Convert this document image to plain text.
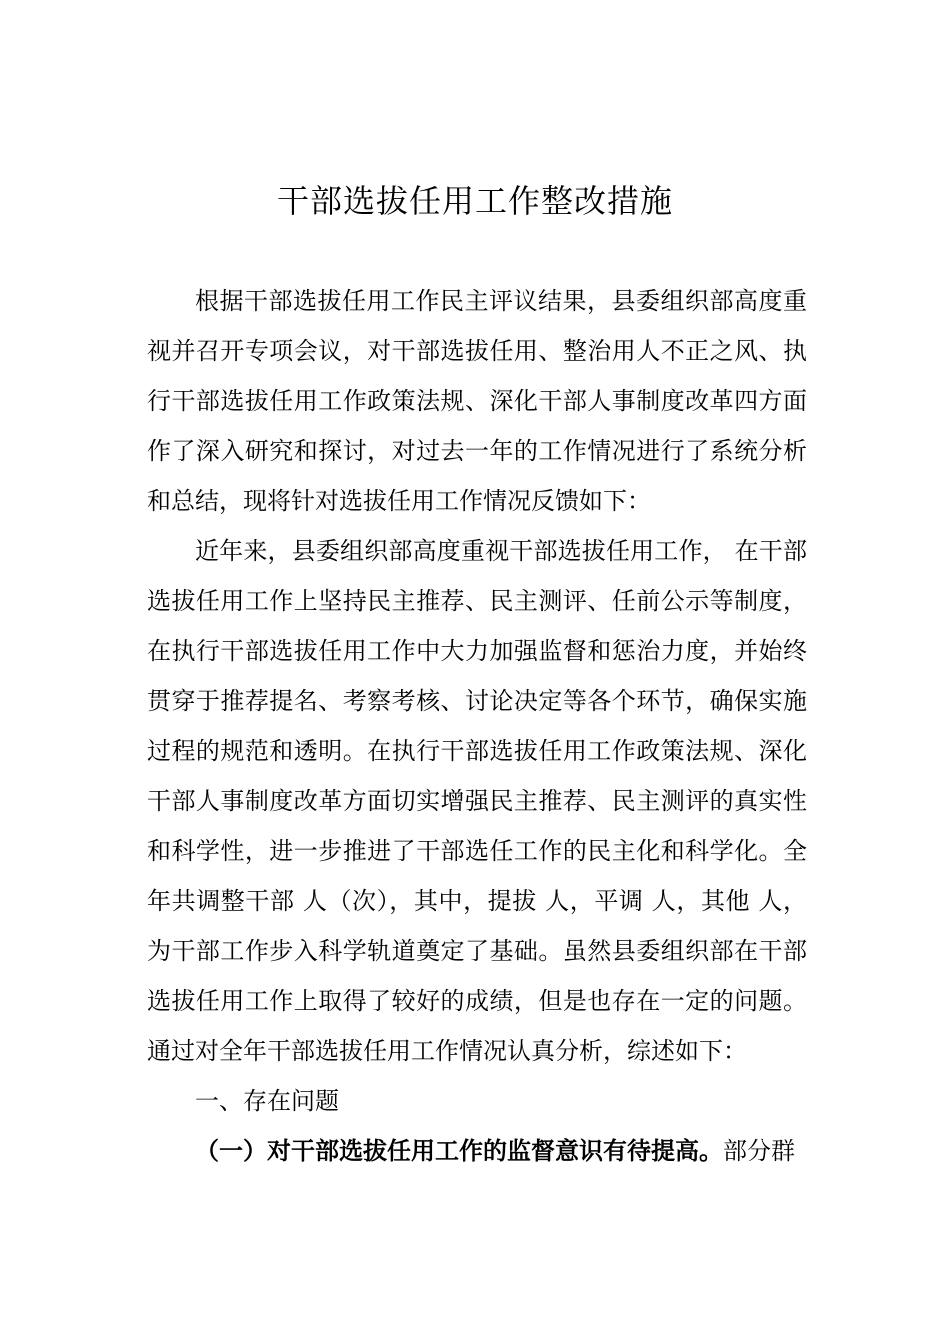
干部选拔任用工作整改措施

根据干部选拔任用工作民主评议结果，县委组织部高度重视并召开专项会议，对干部选拔任用、整治用人不正之风、执行干部选拔任用工作政策法规、深化干部人事制度改革四方面作了深入研究和探讨，对过去一年的工作情况进行了系统分析和总结，现将针对选拔任用工作情况反馈如下：

近年来，县委组织部高度重视干部选拔任用工作， 在干部选拔任用工作上坚持民主推荐、民主测评、任前公示等制度，在执行干部选拔任用工作中大力加强监督和惩治力度，并始终贯穿于推荐提名、考察考核、讨论决定等各个环节，确保实施过程的规范和透明。在执行干部选拔任用工作政策法规、深化干部人事制度改革方面切实增强民主推荐、民主测评的真实性和科学性，进一步推进了干部选任工作的民主化和科学化。全年共调整干部 人（次），其中，提拔 人，平调 人，其他 人，为干部工作步入科学轨道奠定了基础。虽然县委组织部在干部选拔任用工作上取得了较好的成绩，但是也存在一定的问题。通过对全年干部选拔任用工作情况认真分析，综述如下：

一、存在问题

（一）对干部选拔任用工作的监督意识有待提高。部分群
